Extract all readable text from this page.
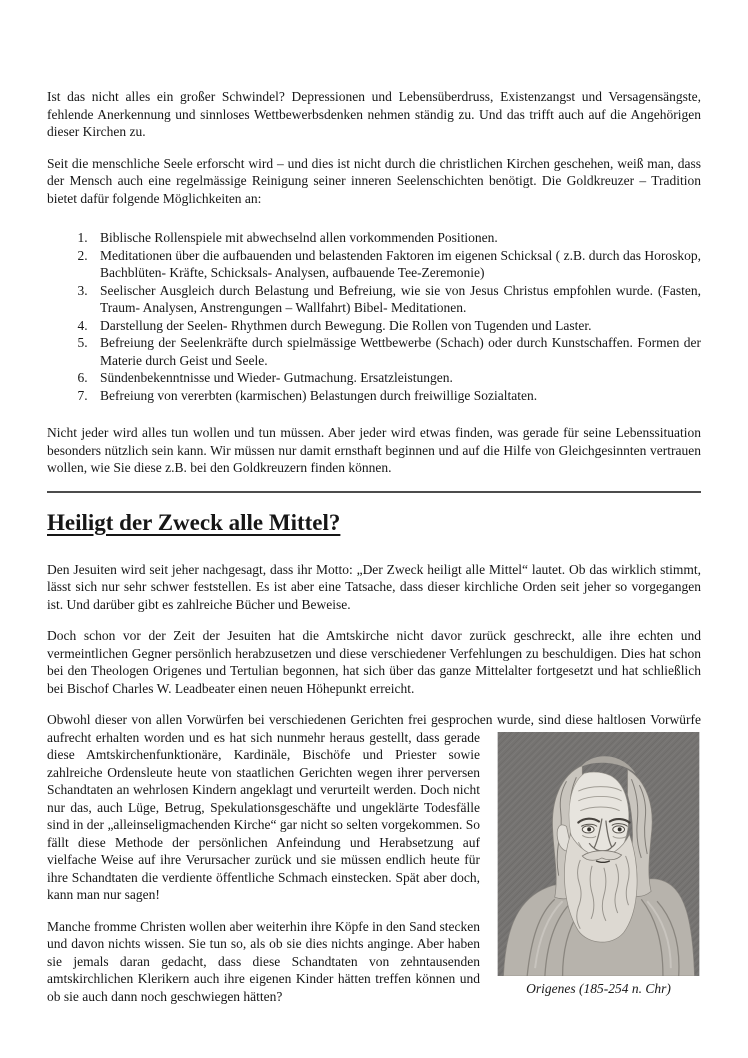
Ist das nicht alles ein großer Schwindel? Depressionen und Lebensüberdruss, Existenzangst und Versagensängste, fehlende Anerkennung und sinnloses Wettbewerbsdenken nehmen ständig zu. Und das trifft auch auf die Angehörigen dieser Kirchen zu.

Seit die menschliche Seele erforscht wird – und dies ist nicht durch die christlichen Kirchen geschehen, weiß man, dass der Mensch auch eine regelmässige Reinigung seiner inneren Seelenschichten benötigt. Die Goldkreuzer – Tradition bietet dafür folgende Möglichkeiten an:

1. Biblische Rollenspiele mit abwechselnd allen vorkommenden Positionen.
2. Meditationen über die aufbauenden und belastenden Faktoren im eigenen Schicksal ( z.B. durch das Horoskop, Bachblüten- Kräfte, Schicksals- Analysen, aufbauende Tee-Zeremonie)
3. Seelischer Ausgleich durch Belastung und Befreiung, wie sie von Jesus Christus empfohlen wurde. (Fasten, Traum- Analysen, Anstrengungen – Wallfahrt) Bibel- Meditationen.
4. Darstellung der Seelen- Rhythmen durch Bewegung. Die Rollen von Tugenden und Laster.
5. Befreiung der Seelenkräfte durch spielmässige Wettbewerbe (Schach) oder durch Kunstschaffen. Formen der Materie durch Geist und Seele.
6. Sündenbekenntnisse und Wieder- Gutmachung. Ersatzleistungen.
7. Befreiung von vererbten (karmischen) Belastungen durch freiwillige Sozialtaten.

Nicht jeder wird alles tun wollen und tun müssen. Aber jeder wird etwas finden, was gerade für seine Lebenssituation besonders nützlich sein kann. Wir müssen nur damit ernsthaft beginnen und auf die Hilfe von Gleichgesinnten vertrauen wollen, wie Sie diese z.B. bei den Goldkreuzern finden können.

Heiligt der Zweck alle Mittel?

Den Jesuiten wird seit jeher nachgesagt, dass ihr Motto: „Der Zweck heiligt alle Mittel“ lautet. Ob das wirklich stimmt, lässt sich nur sehr schwer feststellen. Es ist aber eine Tatsache, dass dieser kirchliche Orden seit jeher so vorgegangen ist. Und darüber gibt es zahlreiche Bücher und Beweise.

Doch schon vor der Zeit der Jesuiten hat die Amtskirche nicht davor zurück geschreckt, alle ihre echten und vermeintlichen Gegner persönlich herabzusetzen und diese verschiedener Verfehlungen zu beschuldigen. Dies hat schon bei den Theologen Origenes und Tertulian begonnen, hat sich über das ganze Mittelalter fortgesetzt und hat schließlich bei Bischof Charles W. Leadbeater einen neuen Höhepunkt erreicht.

Obwohl dieser von allen Vorwürfen bei verschiedenen Gerichten frei gesprochen wurde, sind diese haltlosen
Origenes (185-254 n. Chr)
Vorwürfe aufrecht erhalten worden und es hat sich nunmehr heraus gestellt, dass gerade diese Amtskirchenfunktionäre, Kardinäle, Bischöfe und Priester sowie zahlreiche Ordensleute heute von staatlichen Gerichten wegen ihrer perversen Schandtaten an wehrlosen Kindern angeklagt und verurteilt werden. Doch nicht nur das, auch Lüge, Betrug, Spekulationsgeschäfte und ungeklärte Todesfälle sind in der „alleinseligmachenden Kirche“ gar nicht so selten vorgekommen. So fällt diese Methode der persönlichen Anfeindung und Herabsetzung auf vielfache Weise auf ihre Verursacher zurück und sie müssen endlich heute für ihre Schandtaten die verdiente öffentliche Schmach einstecken. Spät aber doch, kann man nur sagen!

Manche fromme Christen wollen aber weiterhin ihre Köpfe in den Sand stecken und davon nichts wissen. Sie tun so, als ob sie dies nichts anginge. Aber haben sie jemals daran gedacht, dass diese Schandtaten von zehntausenden amtskirchlichen Klerikern auch ihre eigenen Kinder hätten treffen können und ob sie auch dann noch geschwiegen hätten?
